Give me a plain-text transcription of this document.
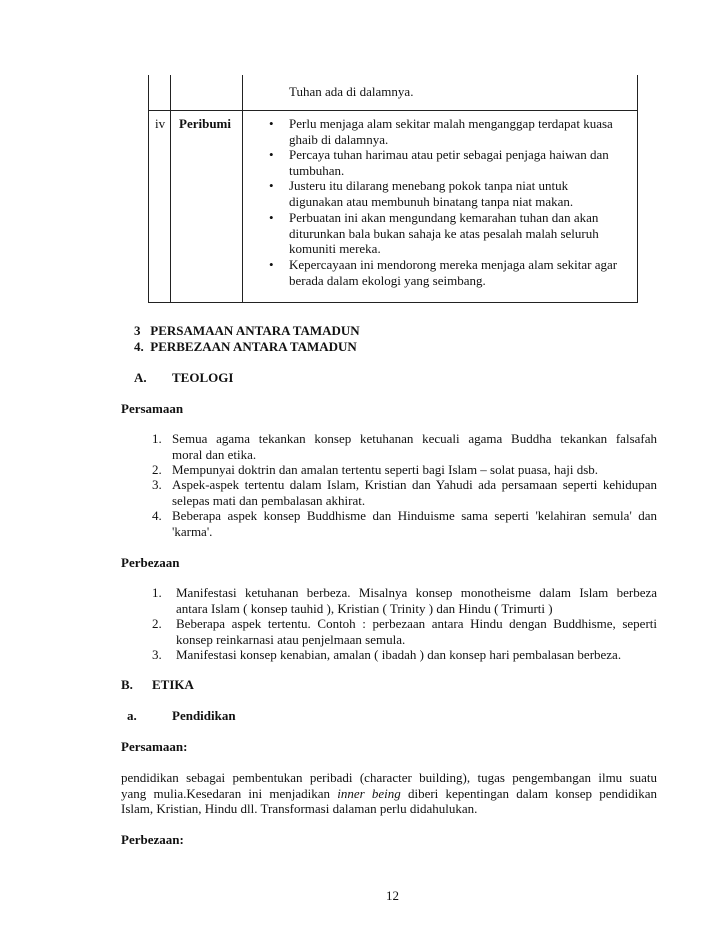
Tuhan ada di dalamnya.
iv Peribumi	• Perlu menjaga alam sekitar malah menganggap terdapat kuasa
ghaib di dalamnya.
• Percaya tuhan harimau atau petir sebagai penjaga haiwan dan
tumbuhan.
• Justeru itu dilarang menebang pokok tanpa niat untuk
digunakan atau membunuh binatang tanpa niat makan.
• Perbuatan ini akan mengundang kemarahan tuhan dan akan
diturunkan bala bukan sahaja ke atas pesalah malah seluruh
komuniti mereka.
• Kepercayaan ini mendorong mereka menjaga alam sekitar agar
berada dalam ekologi yang seimbang.
3   PERSAMAAN ANTARA TAMADUN
4.  PERBEZAAN ANTARA TAMADUN
A. TEOLOGI
Persamaan
1. Semua agama tekankan konsep ketuhanan kecuali agama Buddha tekankan falsafah
moral dan etika.
2. Mempunyai doktrin dan amalan tertentu seperti bagi Islam – solat puasa, haji dsb.
3. Aspek-aspek tertentu dalam Islam, Kristian dan Yahudi ada persamaan seperti kehidupan
selepas mati dan pembalasan akhirat.
4. Beberapa aspek konsep Buddhisme dan Hinduisme sama seperti 'kelahiran semula' dan
'karma'.
Perbezaan
1. Manifestasi ketuhanan berbeza. Misalnya konsep monotheisme dalam Islam berbeza
antara Islam ( konsep tauhid ), Kristian ( Trinity ) dan Hindu ( Trimurti )
2. Beberapa aspek tertentu. Contoh : perbezaan antara Hindu dengan Buddhisme, seperti
konsep reinkarnasi atau penjelmaan semula.
3. Manifestasi konsep kenabian, amalan ( ibadah ) dan konsep hari pembalasan berbeza.
B. ETIKA
a.	Pendidikan
Persamaan:
pendidikan sebagai pembentukan peribadi (character building), tugas pengembangan ilmu suatu
yang mulia.Kesedaran ini menjadikan inner being diberi kepentingan dalam konsep pendidikan
Islam, Kristian, Hindu dll. Transformasi dalaman perlu didahulukan.
Perbezaan:
12
